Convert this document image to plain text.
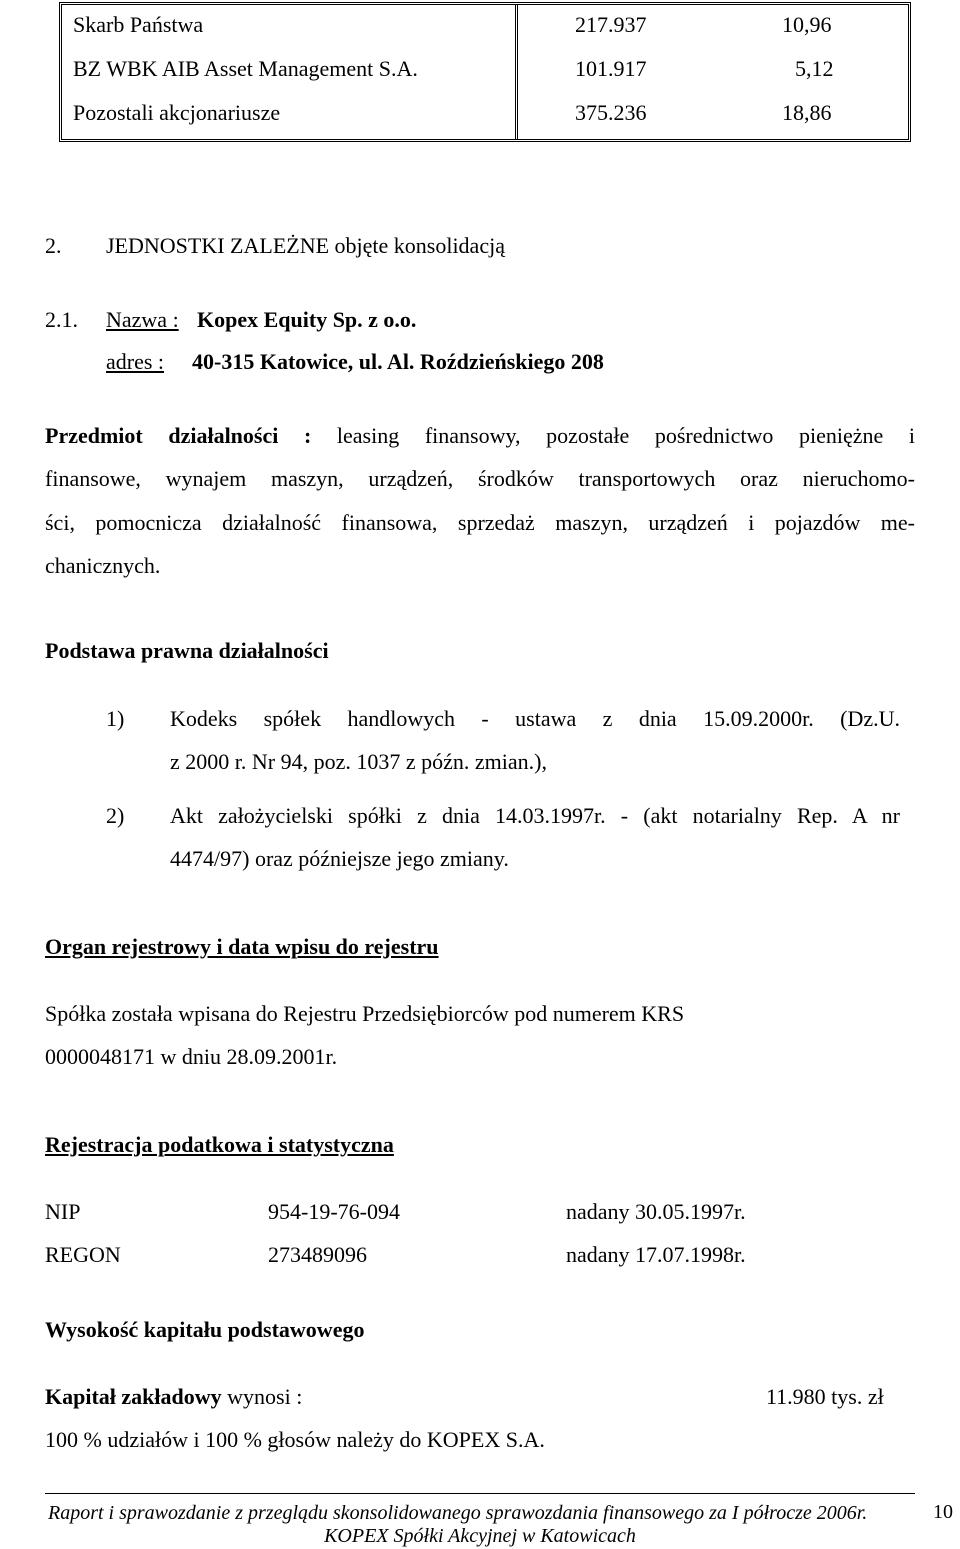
Skarb Państwa	217.937	10,96
BZ WBK AIB Asset Management S.A.	101.917	5,12
Pozostali akcjonariusze	375.236	18,86
2. JEDNOSTKI ZALEŻNE objęte konsolidacją
2.1. Nazwa : Kopex Equity Sp. z o.o.
adres : 40-315 Katowice, ul. Al. Roździeńskiego 208
Przedmiot działalności : leasing finansowy, pozostałe pośrednictwo pieniężne i
finansowe, wynajem maszyn, urządzeń, środków transportowych oraz nieruchomo-
ści, pomocnicza działalność finansowa, sprzedaż maszyn, urządzeń i pojazdów me-
chanicznych.
Podstawa prawna działalności
1) Kodeks spółek handlowych - ustawa z dnia 15.09.2000r. (Dz.U.
z 2000 r. Nr 94, poz. 1037 z późn. zmian.),
2) Akt założycielski spółki z dnia 14.03.1997r. - (akt notarialny Rep. A nr
4474/97) oraz późniejsze jego zmiany.
Organ rejestrowy i data wpisu do rejestru
Spółka została wpisana do Rejestru Przedsiębiorców pod numerem KRS
0000048171 w dniu 28.09.2001r.
Rejestracja podatkowa i statystyczna
NIP	954-19-76-094	nadany 30.05.1997r.
REGON	273489096	nadany 17.07.1998r.
Wysokość kapitału podstawowego
Kapitał zakładowy wynosi :	11.980 tys. zł
100 % udziałów i 100 % głosów należy do KOPEX S.A.
Raport i sprawozdanie z przeglądu skonsolidowanego sprawozdania finansowego za I półrocze 2006r.
KOPEX Spółki Akcyjnej w Katowicach
10
